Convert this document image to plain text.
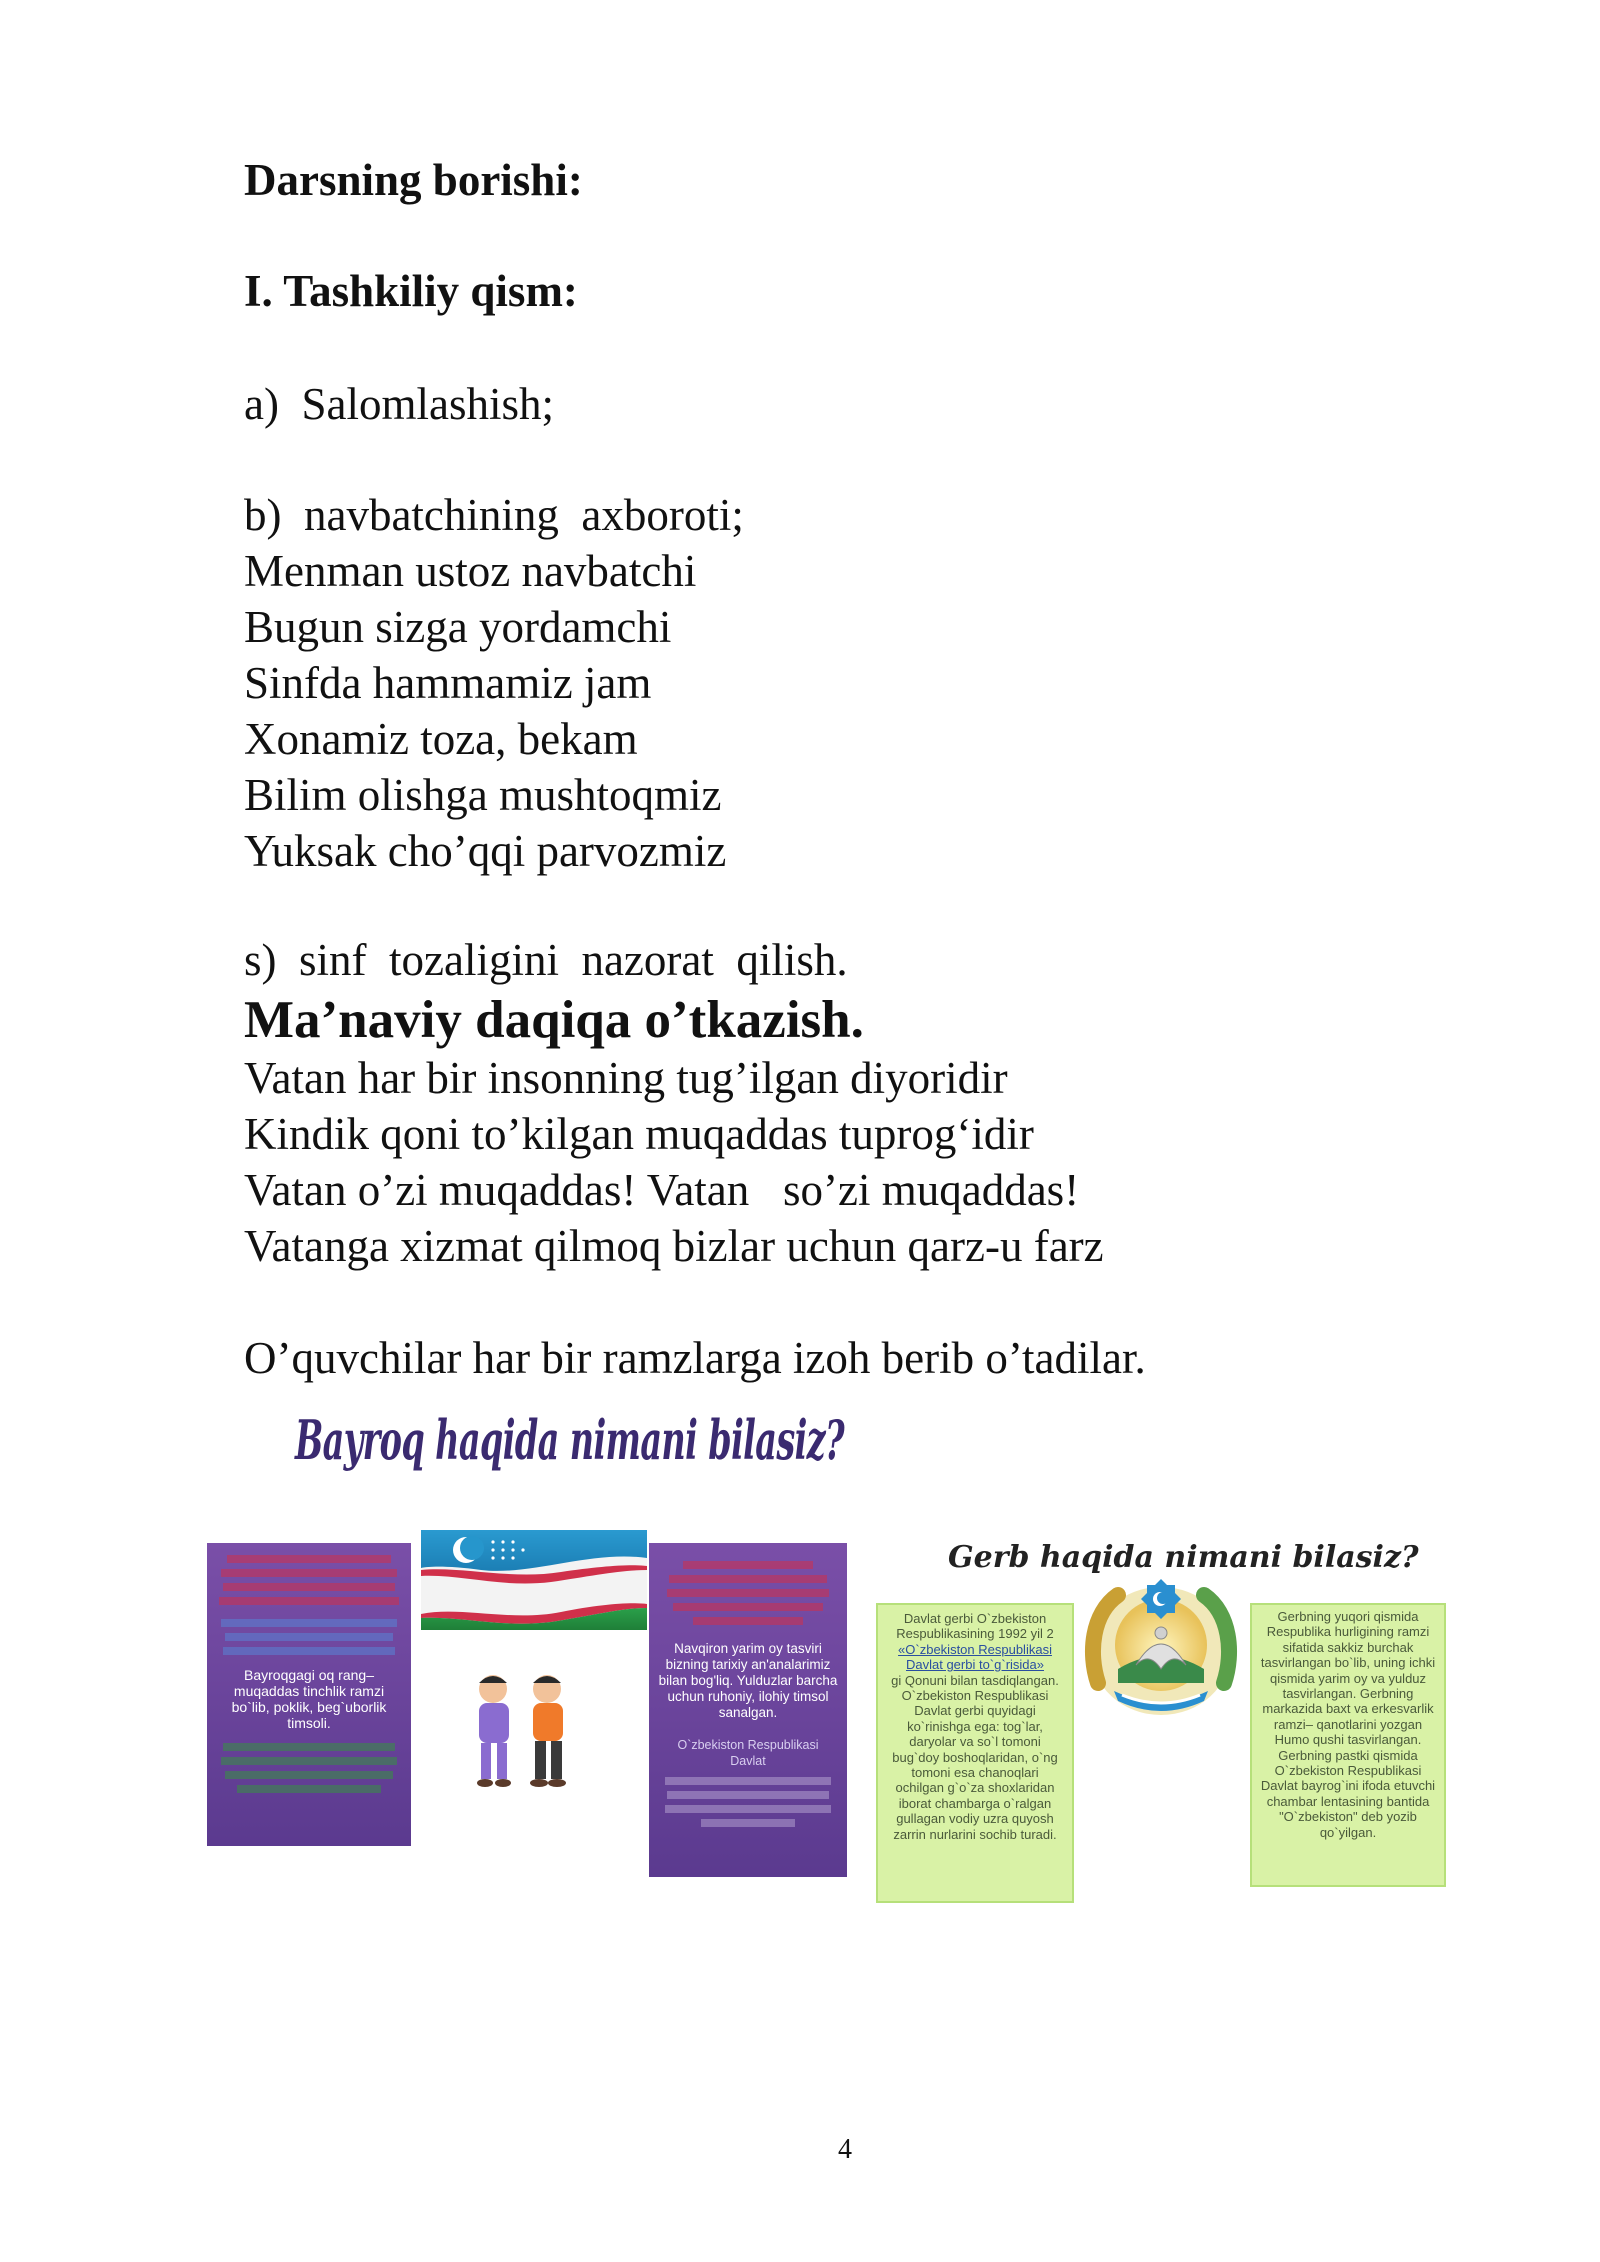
Darsning borishi:
I. Tashkiliy qism:
a)  Salomlashish;
b)  navbatchining  axboroti;
Menman ustoz navbatchi
Bugun sizga yordamchi
Sinfda hammamiz jam
Xonamiz toza, bekam
Bilim olishga mushtoqmiz
Yuksak cho’qqi parvozmiz
s)  sinf  tozaligini  nazorat  qilish.
Ma’naviy daqiqa o’tkazish.
Vatan har bir insonning tug’ilgan diyoridir
Kindik qoni to’kilgan muqaddas tuprog‘idir
Vatan o’zi muqaddas! Vatan   so’zi muqaddas!
Vatanga xizmat qilmoq bizlar uchun qarz-u farz
O’quvchilar har bir ramzlarga izoh berib o’tadilar.
Bayroq haqida nimani bilasiz?

Bayroqgagi oq rang– muqaddas tinchlik ramzi bo`lib, poklik, beg`uborlik timsoli.

Navqiron yarim oy tasviri bizning tarixiy an'analarimiz bilan bog'liq. Yulduzlar barcha uchun ruhoniy, ilohiy timsol sanalgan.

O`zbekiston Respublikasi Davlat

Gerb haqida nimani bilasiz?

Davlat gerbi O`zbekiston Respublikasining 1992 yil 2

«O`zbekiston Respublikasi Davlat gerbi to`g`risida»

gi Qonuni bilan tasdiqlangan. O`zbekiston Respublikasi Davlat gerbi quyidagi ko`rinishga ega: tog`lar, daryolar va so`l tomoni bug`doy boshoqlaridan, o`ng tomoni esa chanoqlari ochilgan g`o`za shoxlaridan iborat chambarga o`ralgan gullagan vodiy uzra quyosh zarrin nurlarini sochib turadi.

Gerbning yuqori qismida Respublika hurligining ramzi sifatida sakkiz burchak tasvirlangan bo`lib, uning ichki qismida yarim oy va yulduz tasvirlangan. Gerbning markazida baxt va erkesvarlik ramzi– qanotlarini yozgan Humo qushi tasvirlangan. Gerbning pastki qismida O`zbekiston Respublikasi Davlat bayrog`ini ifoda etuvchi chambar lentasining bantida "O`zbekiston" deb yozib qo`yilgan.

4
